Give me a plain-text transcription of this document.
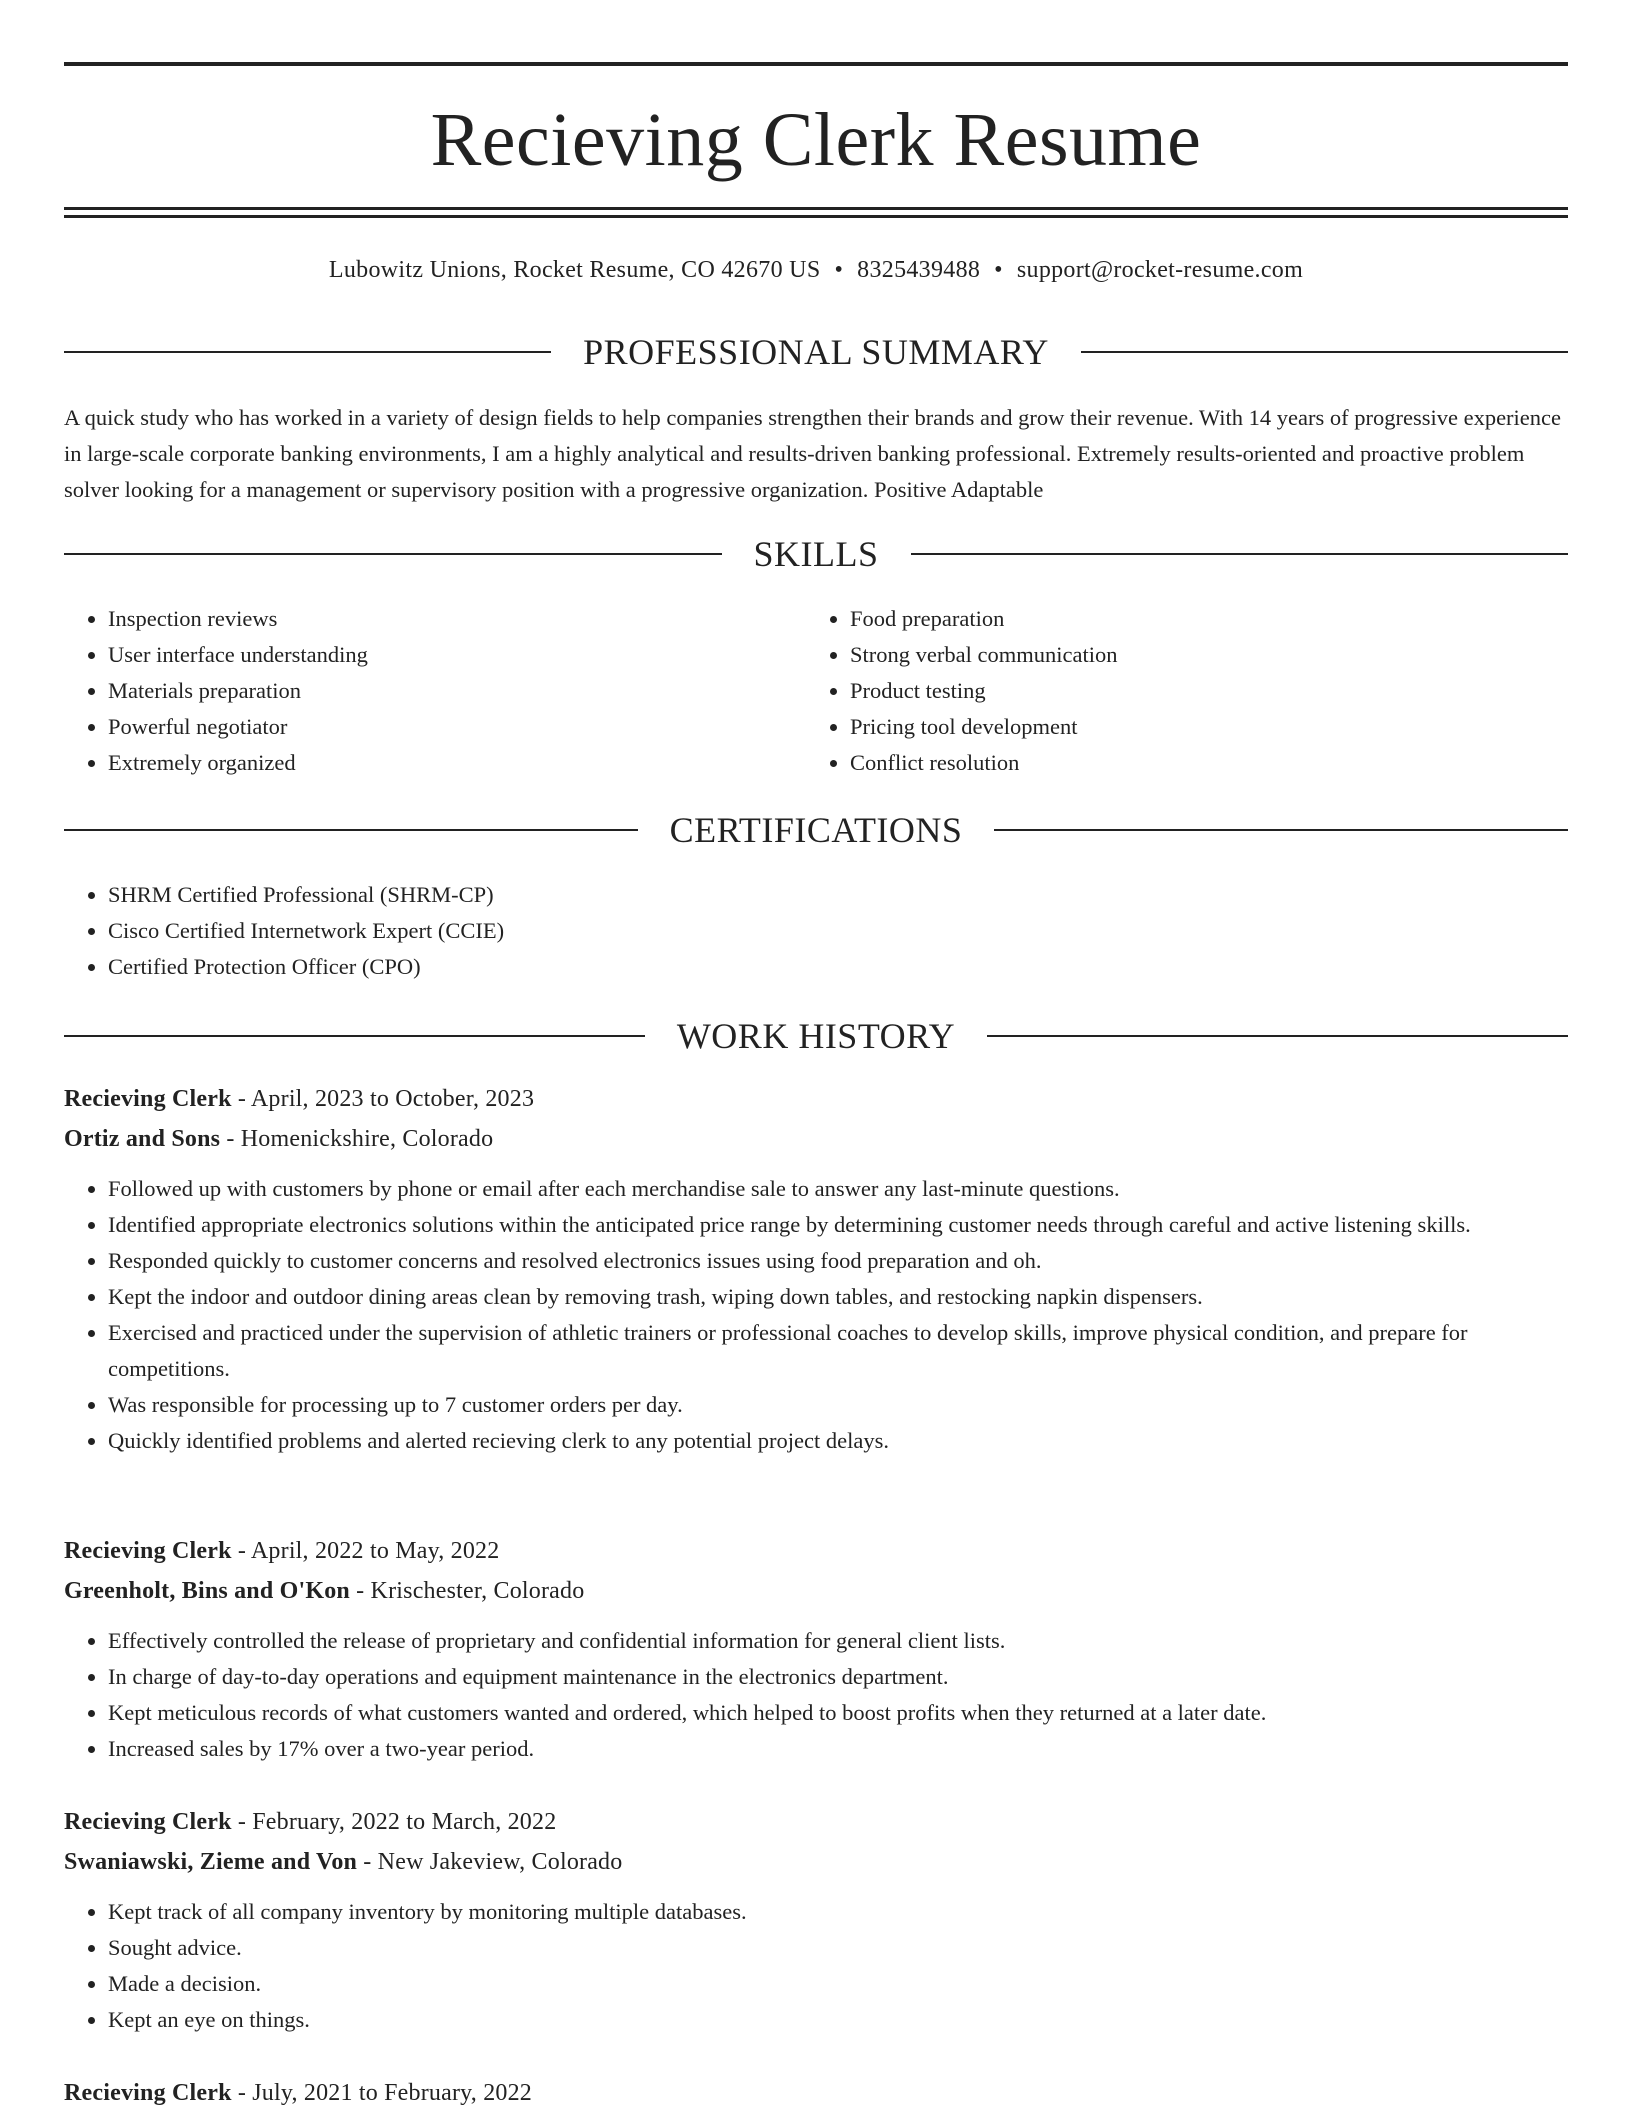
Recieving Clerk Resume
Lubowitz Unions, Rocket Resume, CO 42670 US • 8325439488 • support@rocket-resume.com
PROFESSIONAL SUMMARY

A quick study who has worked in a variety of design fields to help companies strengthen their brands and grow their revenue. With 14 years of progressive experience in large-scale corporate banking environments, I am a highly analytical and results-driven banking professional. Extremely results-oriented and proactive problem solver looking for a management or supervisory position with a progressive organization. Positive Adaptable

SKILLS
• Inspection reviews
• User interface understanding
• Materials preparation
• Powerful negotiator
• Extremely organized
• Food preparation
• Strong verbal communication
• Product testing
• Pricing tool development
• Conflict resolution
CERTIFICATIONS
• SHRM Certified Professional (SHRM-CP)
• Cisco Certified Internetwork Expert (CCIE)
• Certified Protection Officer (CPO)
WORK HISTORY
Recieving Clerk - April, 2023 to October, 2023
Ortiz and Sons - Homenickshire, Colorado
• Followed up with customers by phone or email after each merchandise sale to answer any last-minute questions.
• Identified appropriate electronics solutions within the anticipated price range by determining customer needs through careful and active listening skills.
• Responded quickly to customer concerns and resolved electronics issues using food preparation and oh.
• Kept the indoor and outdoor dining areas clean by removing trash, wiping down tables, and restocking napkin dispensers.
• Exercised and practiced under the supervision of athletic trainers or professional coaches to develop skills, improve physical condition, and prepare for competitions.
• Was responsible for processing up to 7 customer orders per day.
• Quickly identified problems and alerted recieving clerk to any potential project delays.
Recieving Clerk - April, 2022 to May, 2022
Greenholt, Bins and O'Kon - Krischester, Colorado
• Effectively controlled the release of proprietary and confidential information for general client lists.
• In charge of day-to-day operations and equipment maintenance in the electronics department.
• Kept meticulous records of what customers wanted and ordered, which helped to boost profits when they returned at a later date.
• Increased sales by 17% over a two-year period.
Recieving Clerk - February, 2022 to March, 2022
Swaniawski, Zieme and Von - New Jakeview, Colorado
• Kept track of all company inventory by monitoring multiple databases.
• Sought advice.
• Made a decision.
• Kept an eye on things.
Recieving Clerk - July, 2021 to February, 2022
